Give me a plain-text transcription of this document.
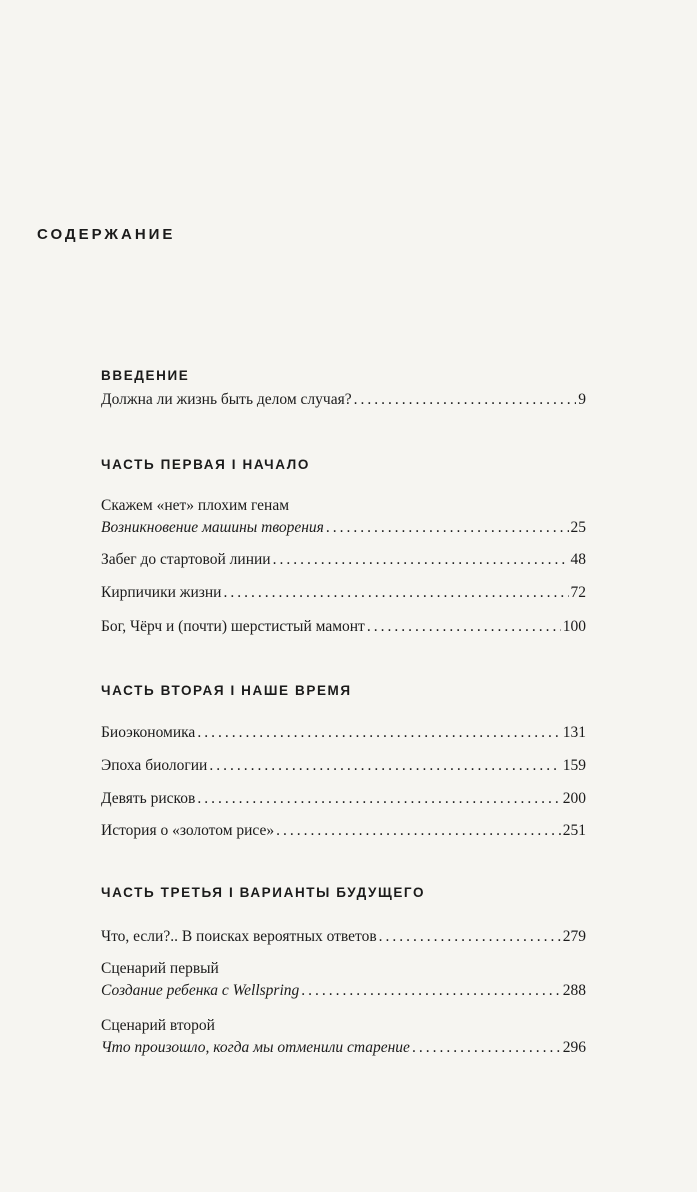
СОДЕРЖАНИЕ
ВВЕДЕНИЕ
Должна ли жизнь быть делом случая? .....	9
ЧАСТЬ ПЕРВАЯ I НАЧАЛО
Скажем «нет» плохим генам
Возникновение машины творения .....	25
Забег до стартовой линии .....	48
Кирпичики жизни .....	72
Бог, Чёрч и (почти) шерстистый мамонт .....	100
ЧАСТЬ ВТОРАЯ I НАШЕ ВРЕМЯ
Биоэкономика .....	131
Эпоха биологии .....	159
Девять рисков .....	200
История о «золотом рисе» .....	251
ЧАСТЬ ТРЕТЬЯ I ВАРИАНТЫ БУДУЩЕГО
Что, если?.. В поисках вероятных ответов .....	279
Сценарий первый
Создание ребенка с Wellspring .....	288
Сценарий второй
Что произошло, когда мы отменили старение .....	296
